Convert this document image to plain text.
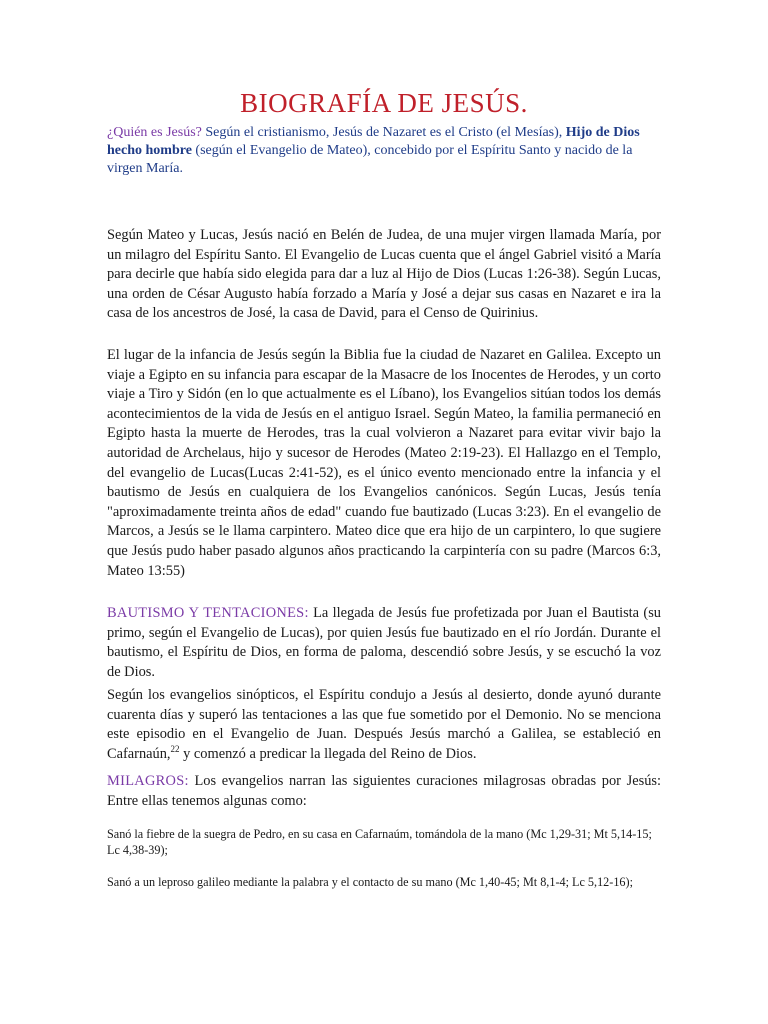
BIOGRAFÍA DE JESÚS.

¿Quién es Jesús? Según el cristianismo, Jesús de Nazaret es el Cristo (el Mesías), Hijo de Dios hecho hombre (según el Evangelio de Mateo), concebido por el Espíritu Santo y nacido de la virgen María.

Según Mateo y Lucas, Jesús nació en Belén de Judea, de una mujer virgen llamada María, por un milagro del Espíritu Santo. El Evangelio de Lucas cuenta que el ángel Gabriel visitó a María para decirle que había sido elegida para dar a luz al Hijo de Dios (Lucas 1:26-38). Según Lucas, una orden de César Augusto había forzado a María y José a dejar sus casas en Nazaret e ira la casa de los ancestros de José, la casa de David, para el Censo de Quirinius.

El lugar de la infancia de Jesús según la Biblia fue la ciudad de Nazaret en Galilea. Excepto un viaje a Egipto en su infancia para escapar de la Masacre de los Inocentes de Herodes, y un corto viaje a Tiro y Sidón (en lo que actualmente es el Líbano), los Evangelios sitúan todos los demás acontecimientos de la vida de Jesús en el antiguo Israel. Según Mateo, la familia permaneció en Egipto hasta la muerte de Herodes, tras la cual volvieron a Nazaret para evitar vivir bajo la autoridad de Archelaus, hijo y sucesor de Herodes (Mateo 2:19-23). El Hallazgo en el Templo, del evangelio de Lucas(Lucas 2:41-52), es el único evento mencionado entre la infancia y el bautismo de Jesús en cualquiera de los Evangelios canónicos. Según Lucas, Jesús tenía "aproximadamente treinta años de edad" cuando fue bautizado (Lucas 3:23). En el evangelio de Marcos, a Jesús se le llama carpintero. Mateo dice que era hijo de un carpintero, lo que sugiere que Jesús pudo haber pasado algunos años practicando la carpintería con su padre (Marcos 6:3, Mateo 13:55)

BAUTISMO Y TENTACIONES: La llegada de Jesús fue profetizada por Juan el Bautista (su primo, según el Evangelio de Lucas), por quien Jesús fue bautizado en el río Jordán. Durante el bautismo, el Espíritu de Dios, en forma de paloma, descendió sobre Jesús, y se escuchó la voz de Dios.

Según los evangelios sinópticos, el Espíritu condujo a Jesús al desierto, donde ayunó durante cuarenta días y superó las tentaciones a las que fue sometido por el Demonio. No se menciona este episodio en el Evangelio de Juan. Después Jesús marchó a Galilea, se estableció en Cafarnaún,$^{22}$ y comenzó a predicar la llegada del Reino de Dios.

MILAGROS: Los evangelios narran las siguientes curaciones milagrosas obradas por Jesús: Entre ellas tenemos algunas como:

Sanó la fiebre de la suegra de Pedro, en su casa en Cafarnaúm, tomándola de la mano (Mc 1,29-31; Mt 5,14-15; Lc 4,38-39);

Sanó a un leproso galileo mediante la palabra y el contacto de su mano (Mc 1,40-45; Mt 8,1-4; Lc 5,12-16);
